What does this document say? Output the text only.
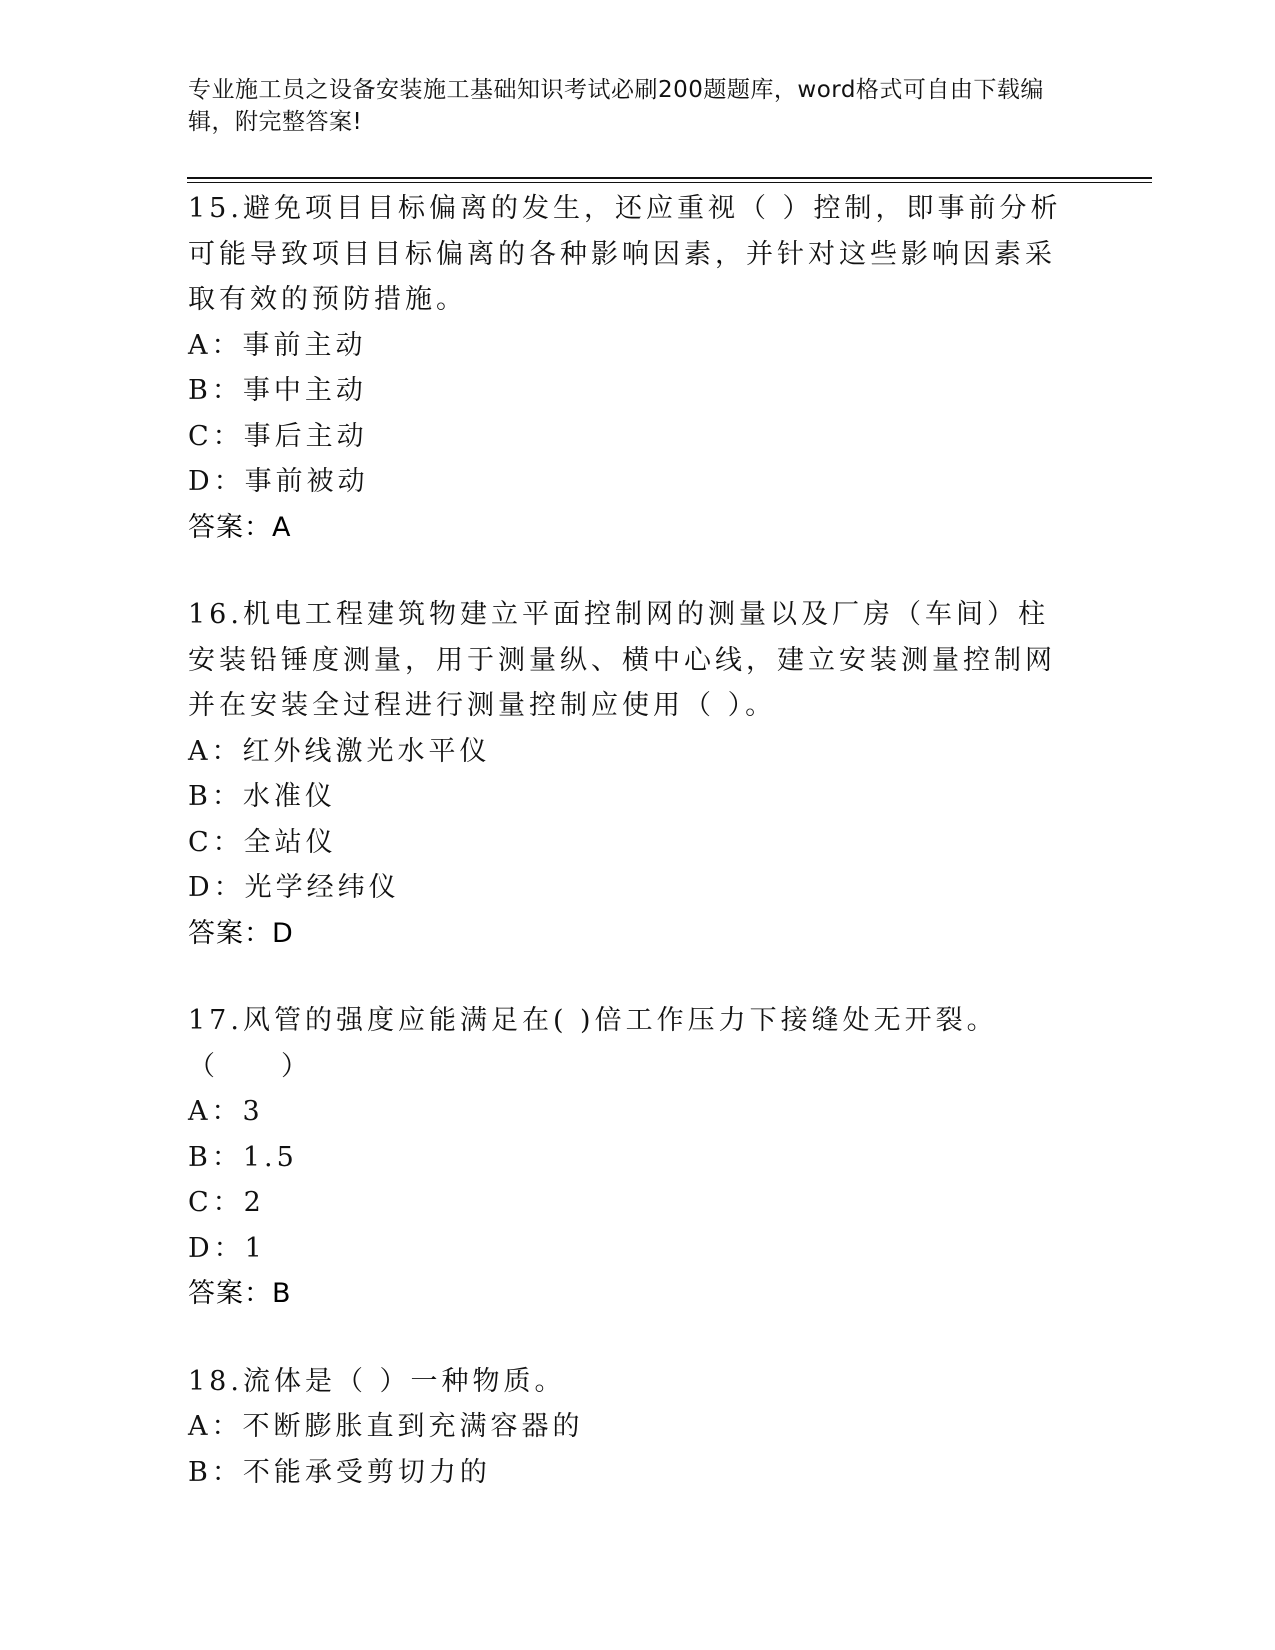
专业施工员之设备安装施工基础知识考试必刷200题题库，word格式可自由下载编辑，附完整答案!
15.避免项目目标偏离的发生，还应重视（ ）控制，即事前分析可能导致项目目标偏离的各种影响因素，并针对这些影响因素采取有效的预防措施。
A：事前主动
B：事中主动
C：事后主动
D：事前被动
答案：A
16.机电工程建筑物建立平面控制网的测量以及厂房（车间）柱安装铅锤度测量，用于测量纵、横中心线，建立安装测量控制网并在安装全过程进行测量控制应使用（ ）。
A：红外线激光水平仪
B：水准仪
C：全站仪
D：光学经纬仪
答案：D
17.风管的强度应能满足在( )倍工作压力下接缝处无开裂。（　　）
A：3
B：1.5
C：2
D：1
答案：B
18.流体是（ ）一种物质。
A：不断膨胀直到充满容器的
B：不能承受剪切力的
